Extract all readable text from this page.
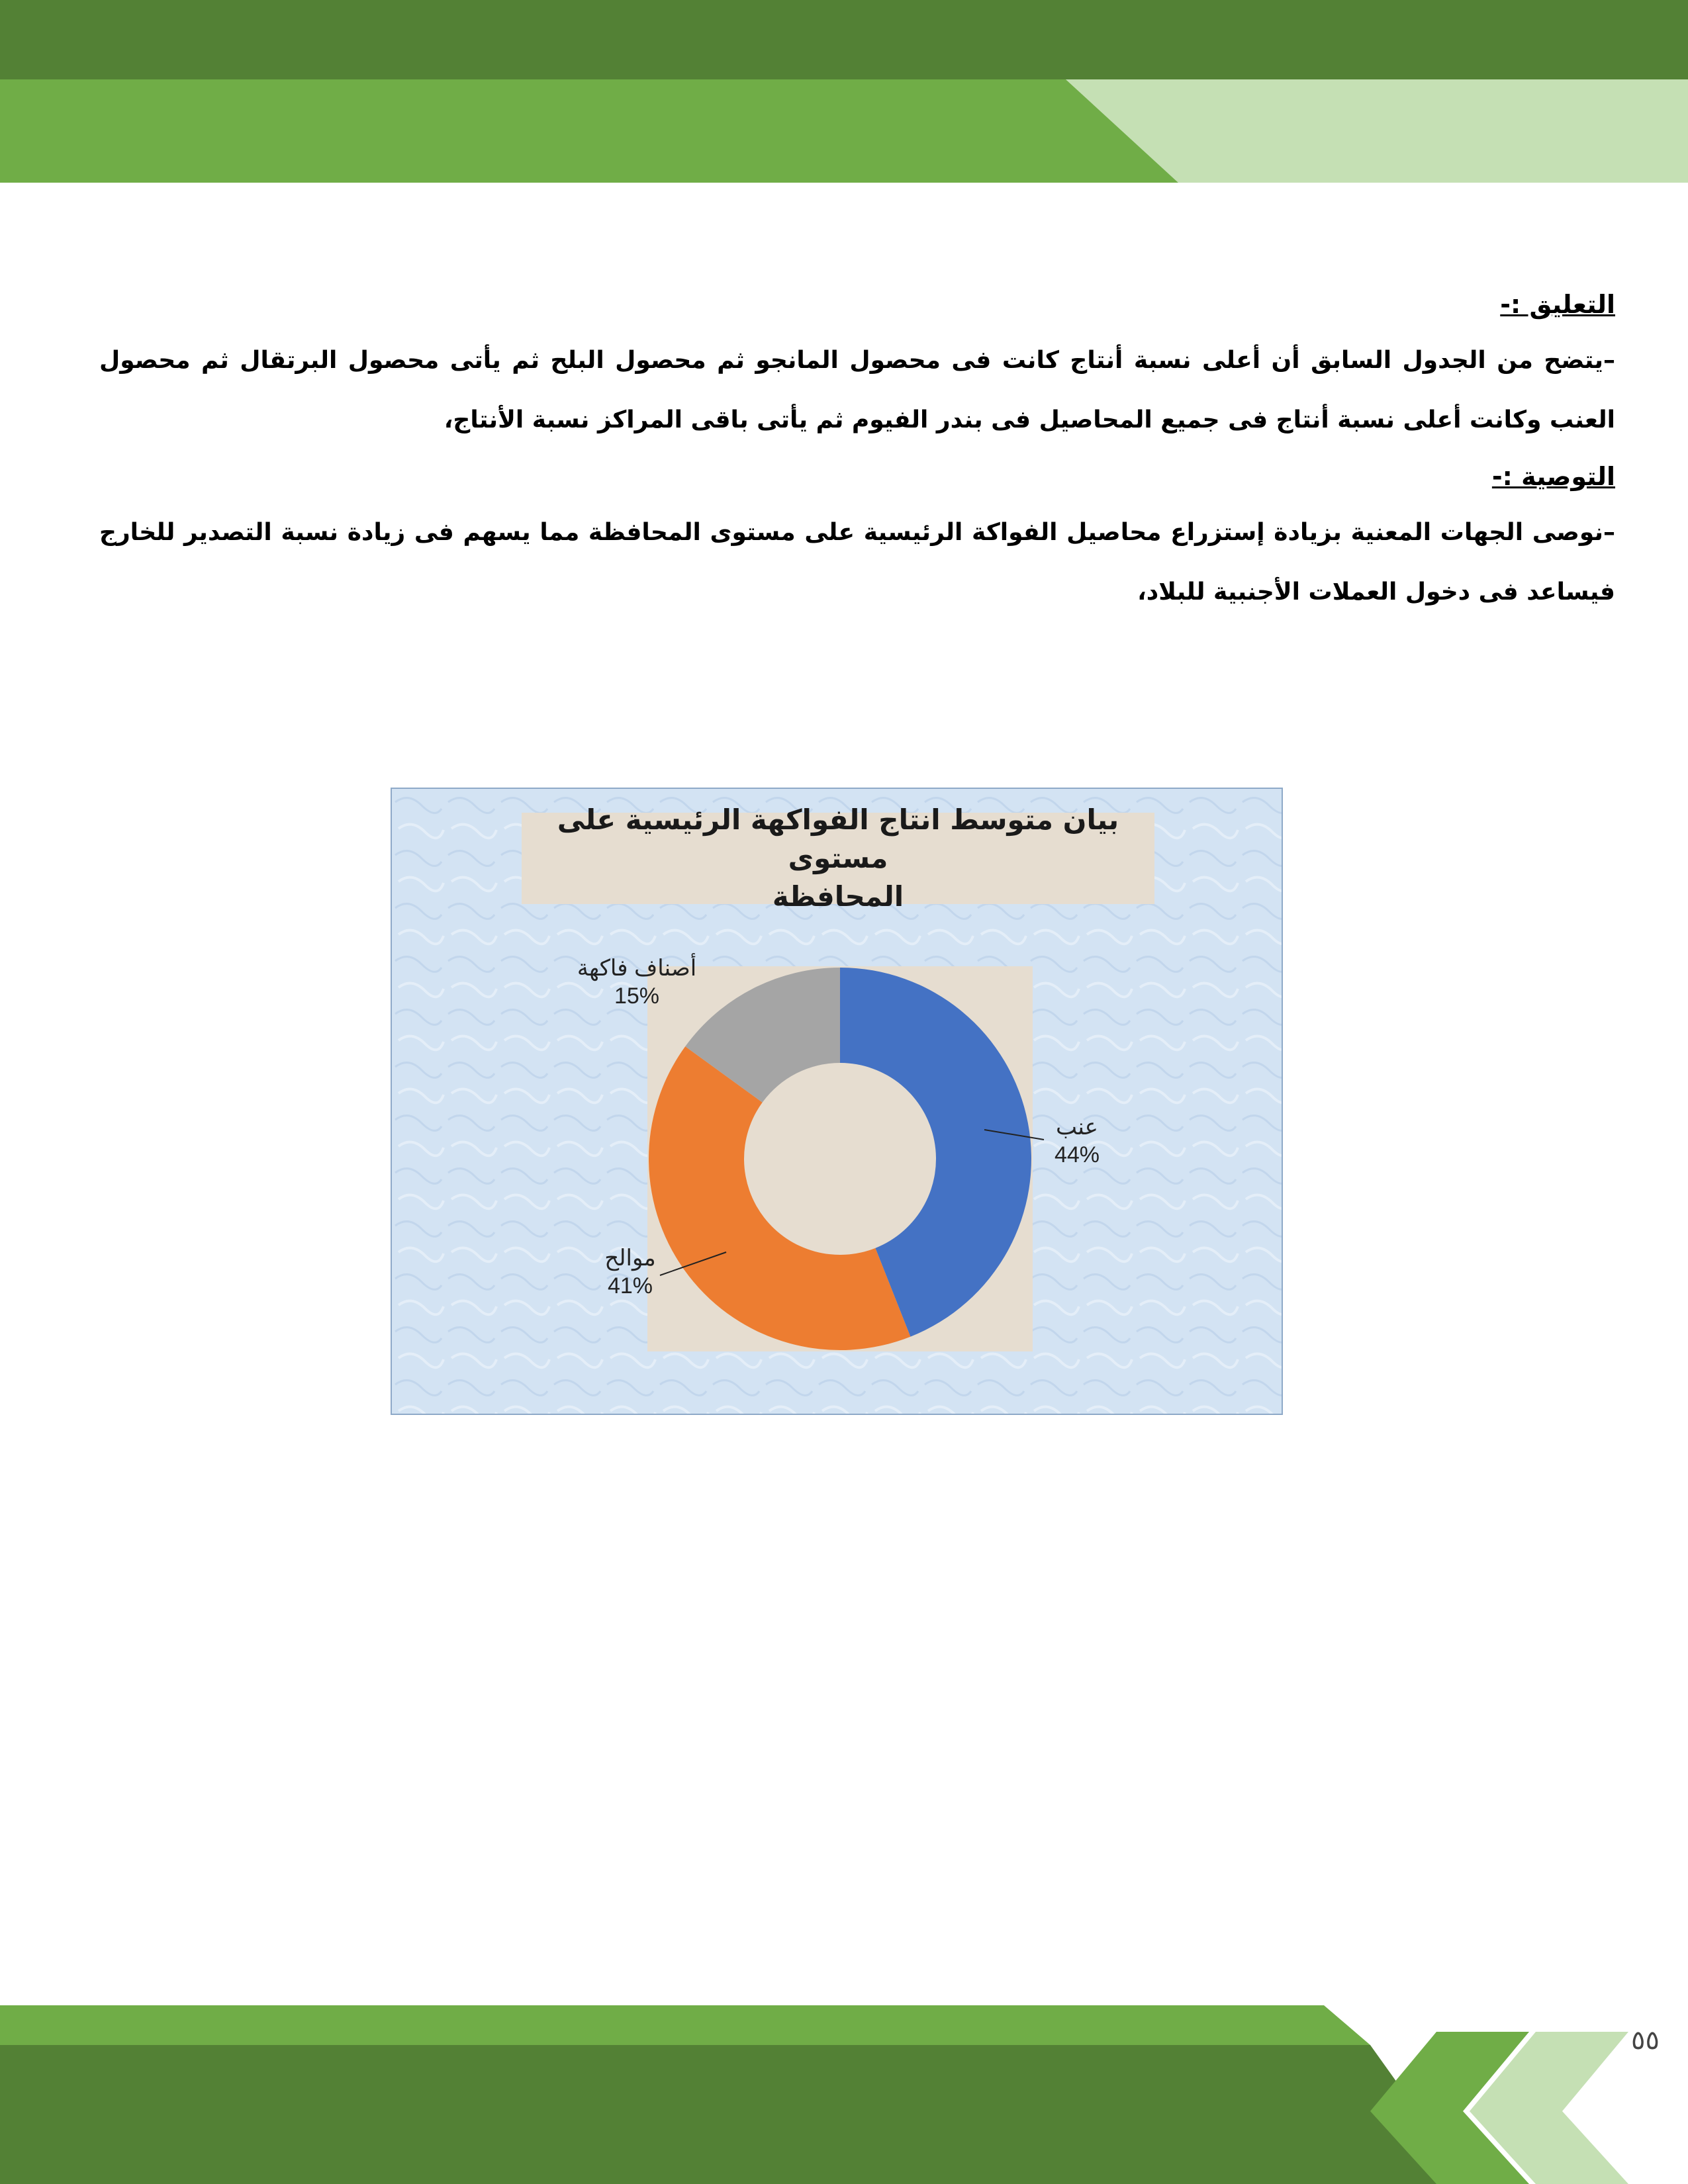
التعليق :-

–يتضح من الجدول السابق أن أعلى نسبة أنتاج كانت فى محصول المانجو ثم محصول البلح ثم يأتى محصول البرتقال ثم محصول العنب وكانت أعلى نسبة أنتاج فى جميع المحاصيل فى بندر الفيوم ثم يأتى باقى المراكز نسبة الأنتاج،

التوصية :-

–نوصى الجهات المعنية بزيادة إستزراع محاصيل الفواكة الرئيسية على مستوى المحافظة مما يسهم فى زيادة نسبة التصدير للخارج فيساعد فى دخول العملات الأجنبية للبلاد،

بيان متوسط انتاج الفواكهة الرئيسية على مستوى
المحافظة
عنب
44%
موالح
41%
أصناف فاكهة
15%
٥٥
